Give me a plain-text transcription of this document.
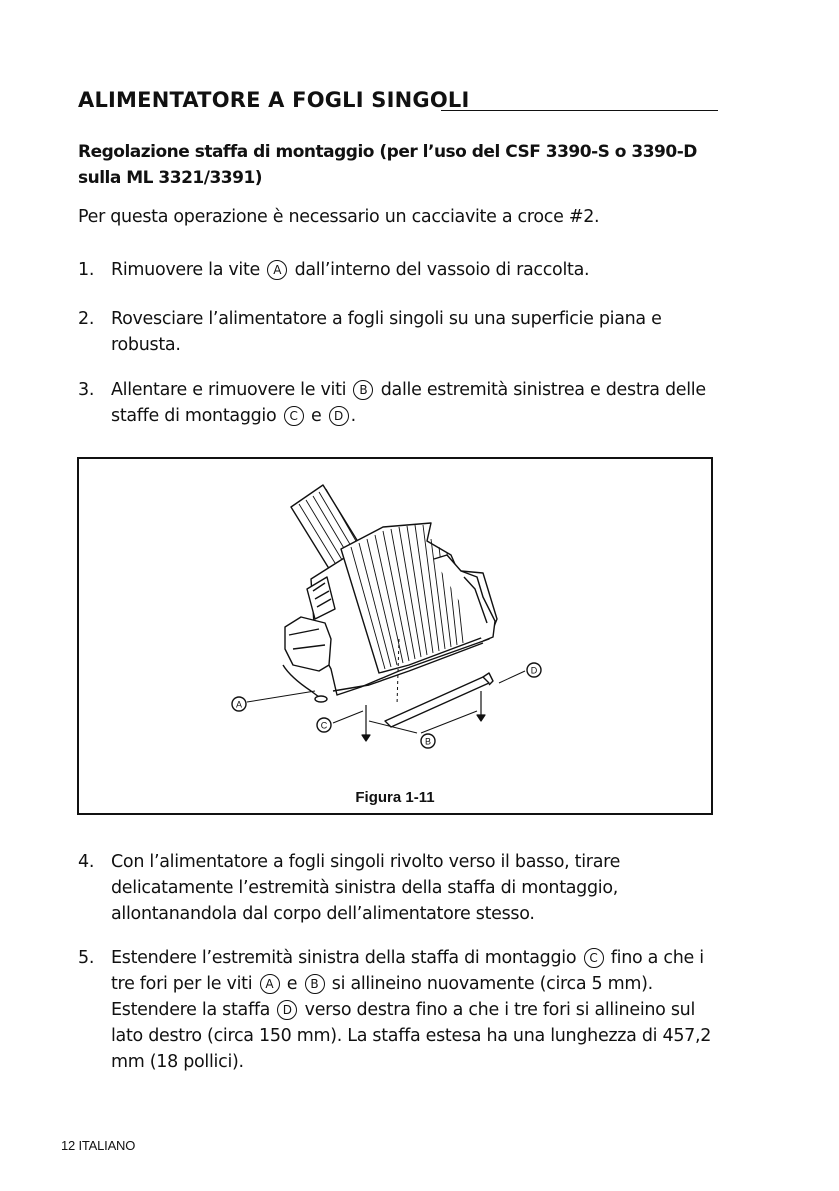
ALIMENTATORE A FOGLI SINGOLI
Regolazione staffa di montaggio (per l’uso del CSF 3390-S o 3390-D sulla ML 3321/3391)
Per questa operazione è necessario un cacciavite a croce #2.
1. Rimuovere la vite A dall’interno del vassoio di raccolta.
2. Rovesciare l’alimentatore a fogli singoli su una superficie piana e robusta.
3. Allentare e rimuovere le viti B dalle estremità sinistrea e destra delle staffe di montaggio C e D .
A
C
B
D
Figura 1-11
4. Con l’alimentatore a fogli singoli rivolto verso il basso, tirare delicatamente l’estremità sinistra della staffa di montaggio, allontanandola dal corpo dell’alimentatore stesso.
5. Estendere l’estremità sinistra della staffa di montaggio C fino a che i tre fori per le viti A e B si allineino nuovamente (circa 5 mm). Estendere la staffa D verso destra fino a che i tre fori si allineino sul lato destro (circa 150 mm). La staffa estesa ha una lunghezza di 457,2 mm (18 pollici).
12 ITALIANO
